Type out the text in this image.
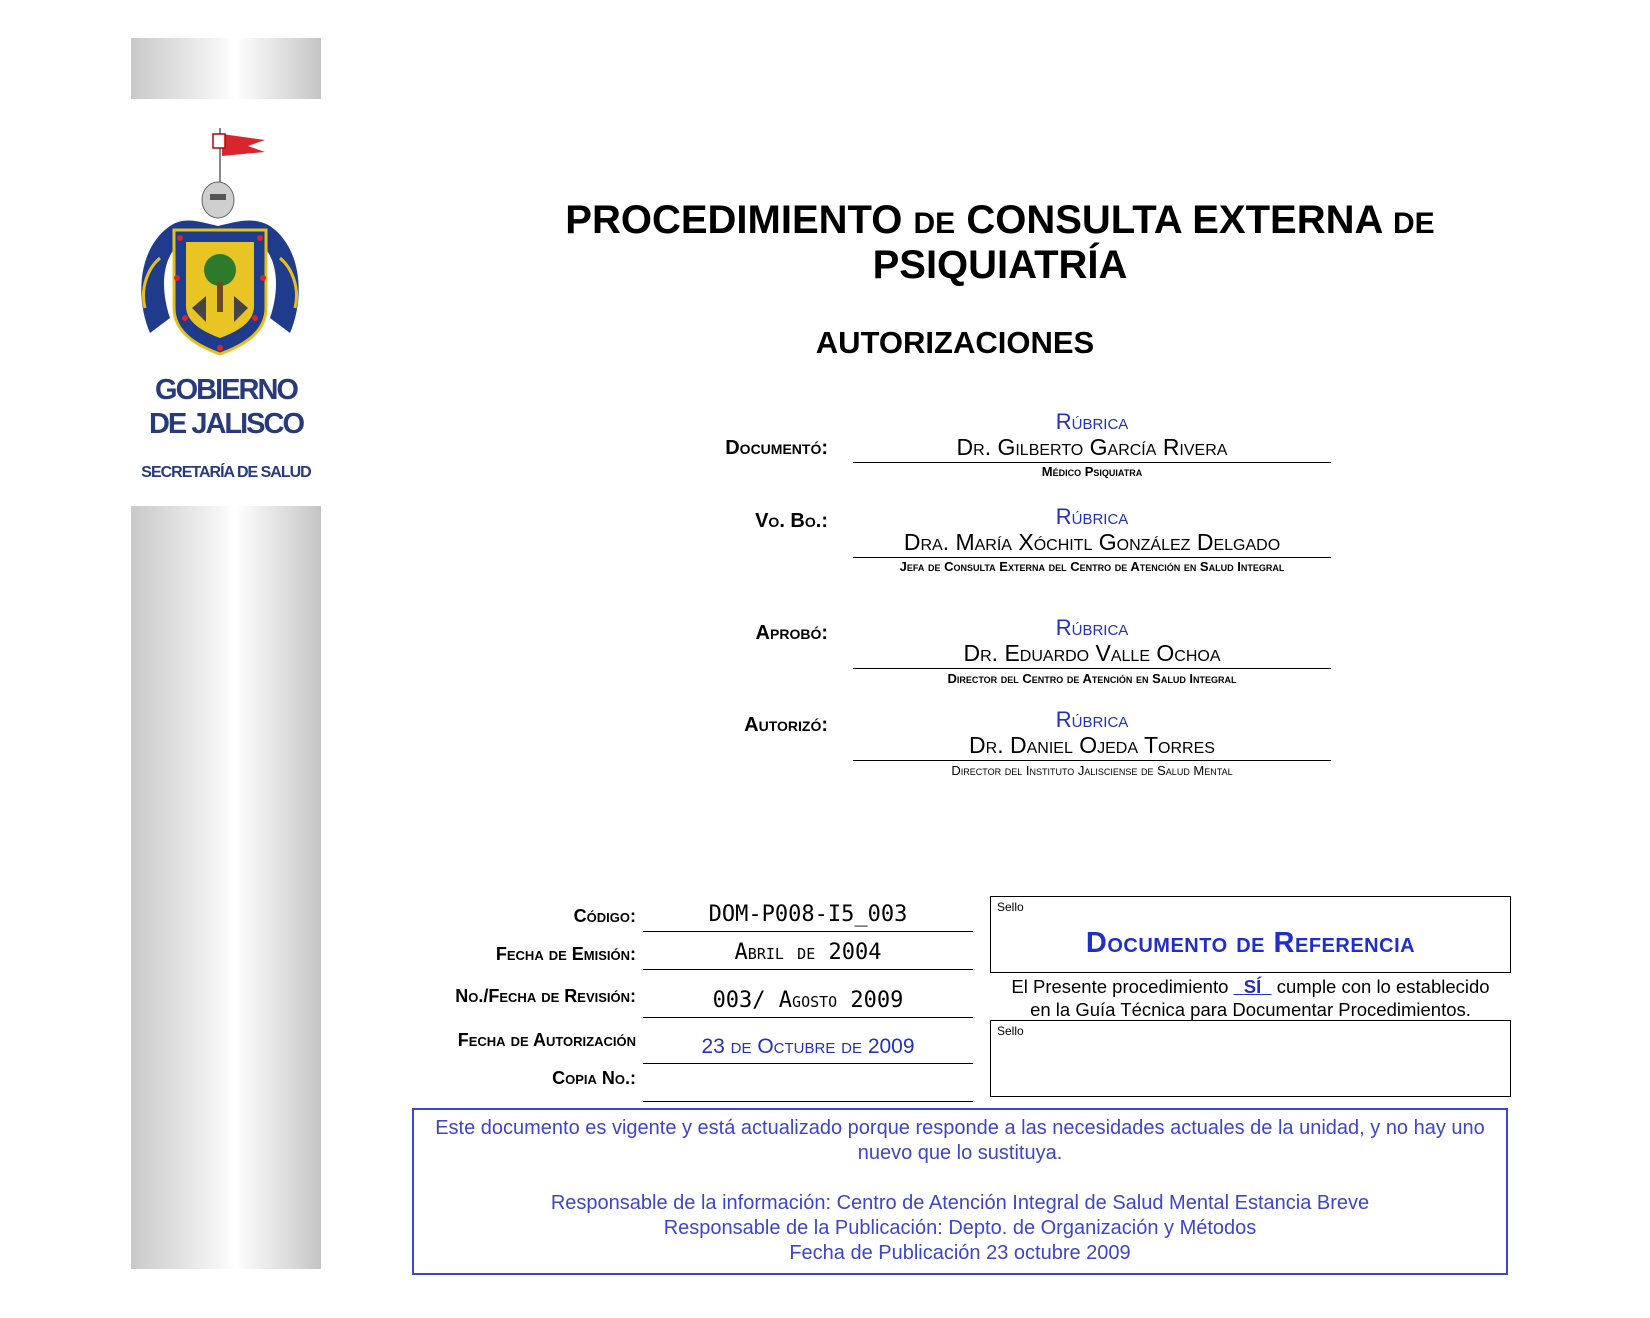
GOBIERNO
DE JALISCO
SECRETARÍA DE SALUD
PROCEDIMIENTO DE CONSULTA EXTERNA DE PSIQUIATRÍA
AUTORIZACIONES
Documentó:
Rúbrica
Dr. Gilberto García Rivera
Médico Psiquiatra
Vo. Bo.:	Rúbrica
Dra. María Xóchitl González Delgado
Jefa de Consulta Externa del Centro de Atención en Salud Integral
Aprobó:	Rúbrica
Dr. Eduardo Valle Ochoa
Director del Centro de Atención en Salud Integral
Autorizó:	Rúbrica
Dr. Daniel Ojeda Torres
Director del Instituto Jalisciense de Salud Mental
Código:	DOM-P008-I5_003
Fecha de Emisión:	Abril de 2004
No./Fecha de Revisión:	003/ Agosto 2009
Fecha de Autorización	23 de Octubre de 2009
Copia No.:
Sello
Documento de Referencia
El Presente procedimiento SÍ cumple con lo establecido
en la Guía Técnica para Documentar Procedimientos.
Sello

Este documento es vigente y está actualizado porque responde a las necesidades actuales de la unidad, y no hay uno nuevo que lo sustituya.

Responsable de la información: Centro de Atención Integral de Salud Mental Estancia Breve

Responsable de la Publicación: Depto. de Organización y Métodos

Fecha de Publicación 23 octubre 2009
